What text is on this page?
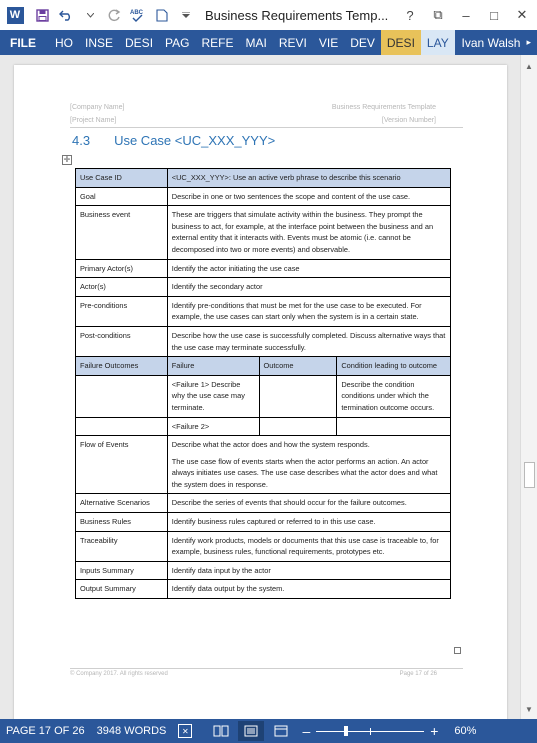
W	ABC	Business Requirements Temp...	?	⧉	–	□	✕
FILE	HO	INSE	DESI	PAG	REFE	MAI	REVI	VIE	DEV	DESI	LAY	Ivan Walsh ▸
[Company Name]
[Project Name]
Business Requirements Template
[Version Number]
4.3 Use Case <UC_XXX_YYY>
✛
Use Case ID	<UC_XXX_YYY>: Use an active verb phrase to describe this scenario		
Goal	Describe in one or two sentences the scope and content of the use case.		
Business event	These are triggers that simulate activity within the business. They prompt the business to act, for example, at the interface point between the business and an external entity that it interacts with. Events must be atomic (i.e. cannot be decomposed into two or more events) and observable.		
Primary Actor(s)	Identify the actor initiating the use case		
Actor(s)	Identify the secondary actor		
Pre-conditions	Identify pre-conditions that must be met for the use case to be executed. For example, the use cases can start only when the system is in a certain state.		
Post-conditions	Describe how the use case is successfully completed. Discuss alternative ways that the use case may terminate successfully.		
Failure Outcomes	Failure	Outcome	Condition leading to outcome
	<Failure 1> Describe why the use case may terminate.		Describe the condition conditions under which the termination outcome occurs.
	<Failure 2>		
Flow of Events	Describe what the actor does and how the system responds.

The use case flow of events starts when the actor performs an action. An actor always initiates use cases. The use case describes what the actor does and what the system does in response.		

Alternative Scenarios	Describe the series of events that should occur for the failure outcomes.		
Business Rules	Identify business rules captured or referred to in this use case.		
Traceability	Identify work products, models or documents that this use case is traceable to, for example, business rules, functional requirements, prototypes etc.		
Inputs Summary	Identify data input by the actor		
Output Summary	Identify data output by the system.		
© Company 2017. All rights reserved	Page 17 of 26
▲
▼
PAGE 17 OF 26	3948 WORDS	✕	–	+ 60%
